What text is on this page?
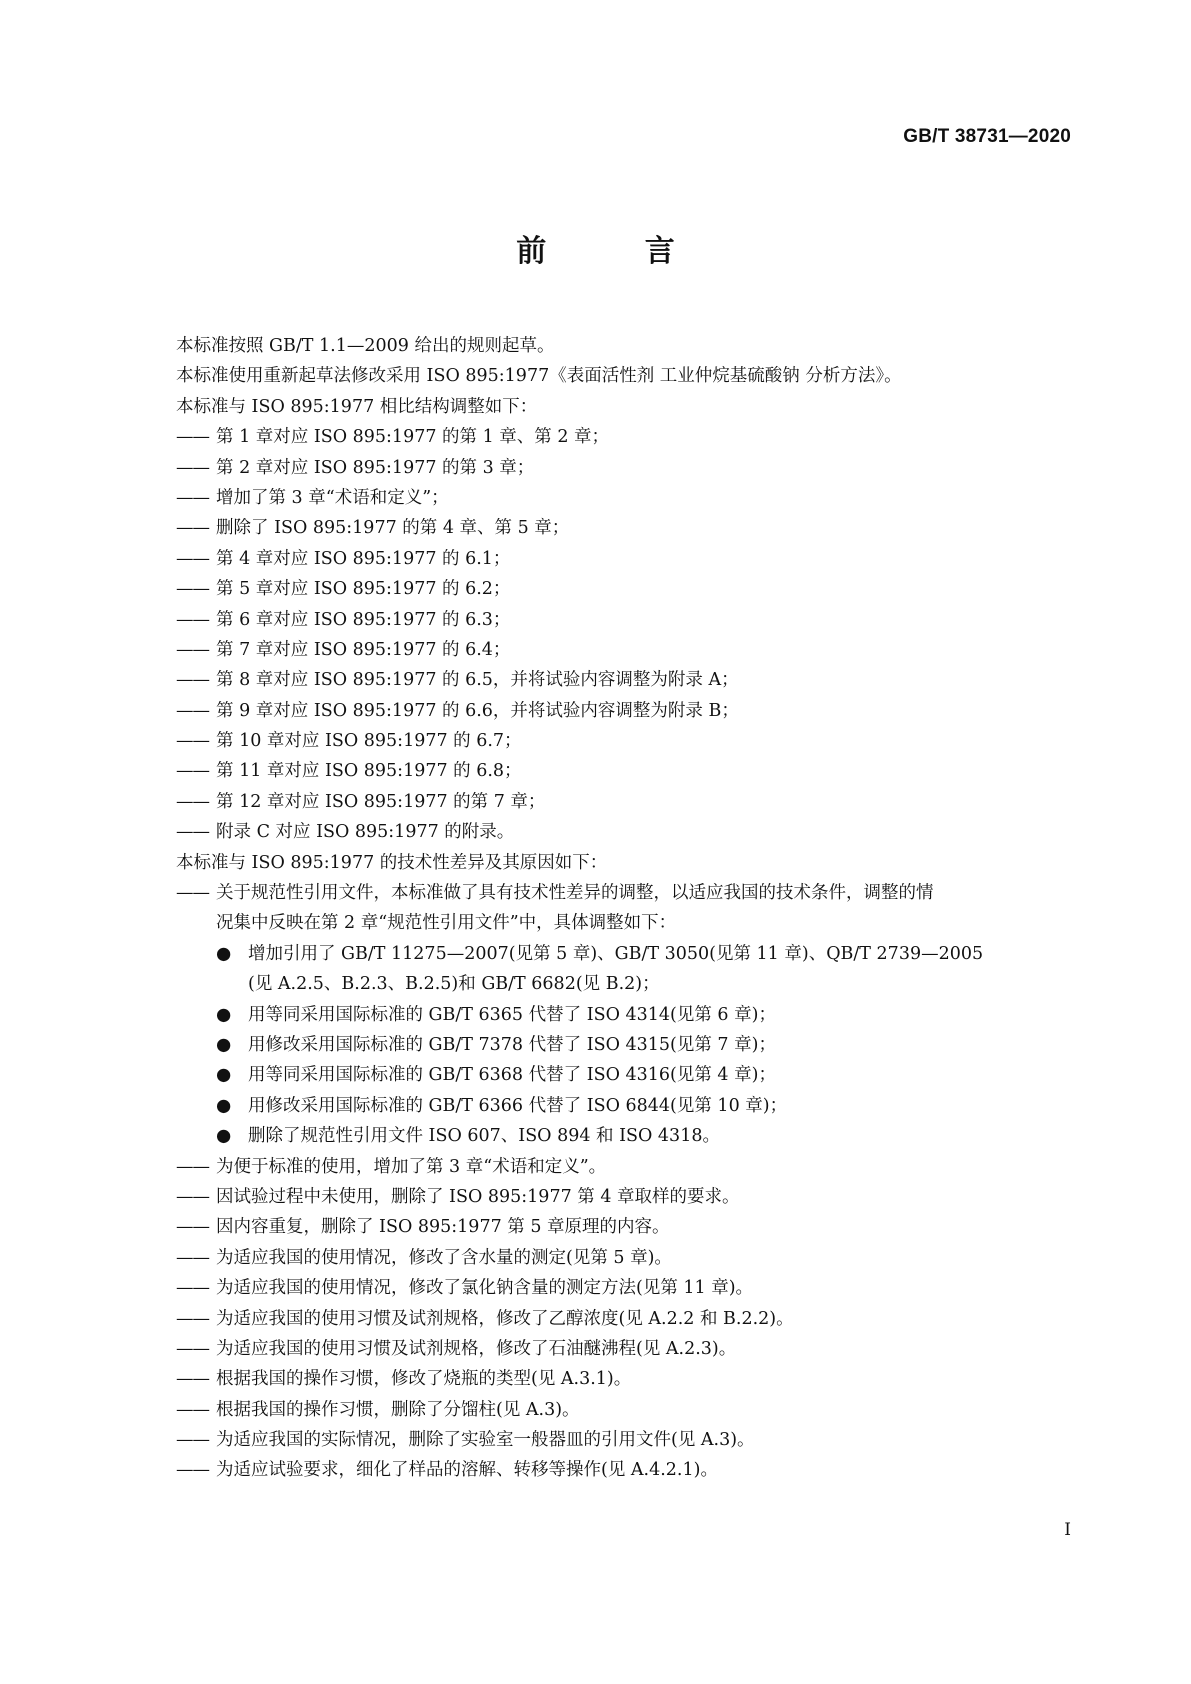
GB/T 38731—2020
前 言
本标准按照 GB/T 1.1—2009 给出的规则起草。
本标准使用重新起草法修改采用 ISO 895:1977《表面活性剂 工业仲烷基硫酸钠 分析方法》。
本标准与 ISO 895:1977 相比结构调整如下：
—— 第 1 章对应 ISO 895:1977 的第 1 章、第 2 章；
—— 第 2 章对应 ISO 895:1977 的第 3 章；
—— 增加了第 3 章“术语和定义”；
—— 删除了 ISO 895:1977 的第 4 章、第 5 章；
—— 第 4 章对应 ISO 895:1977 的 6.1；
—— 第 5 章对应 ISO 895:1977 的 6.2；
—— 第 6 章对应 ISO 895:1977 的 6.3；
—— 第 7 章对应 ISO 895:1977 的 6.4；
—— 第 8 章对应 ISO 895:1977 的 6.5，并将试验内容调整为附录 A；
—— 第 9 章对应 ISO 895:1977 的 6.6，并将试验内容调整为附录 B；
—— 第 10 章对应 ISO 895:1977 的 6.7；
—— 第 11 章对应 ISO 895:1977 的 6.8；
—— 第 12 章对应 ISO 895:1977 的第 7 章；
—— 附录 C 对应 ISO 895:1977 的附录。
本标准与 ISO 895:1977 的技术性差异及其原因如下：
—— 关于规范性引用文件，本标准做了具有技术性差异的调整，以适应我国的技术条件，调整的情
况集中反映在第 2 章“规范性引用文件”中，具体调整如下：
● 增加引用了 GB/T 11275—2007(见第 5 章)、GB/T 3050(见第 11 章)、QB/T 2739—2005
(见 A.2.5、B.2.3、B.2.5)和 GB/T 6682(见 B.2)；
● 用等同采用国际标准的 GB/T 6365 代替了 ISO 4314(见第 6 章)；
● 用修改采用国际标准的 GB/T 7378 代替了 ISO 4315(见第 7 章)；
● 用等同采用国际标准的 GB/T 6368 代替了 ISO 4316(见第 4 章)；
● 用修改采用国际标准的 GB/T 6366 代替了 ISO 6844(见第 10 章)；
● 删除了规范性引用文件 ISO 607、ISO 894 和 ISO 4318。
—— 为便于标准的使用，增加了第 3 章“术语和定义”。
—— 因试验过程中未使用，删除了 ISO 895:1977 第 4 章取样的要求。
—— 因内容重复，删除了 ISO 895:1977 第 5 章原理的内容。
—— 为适应我国的使用情况，修改了含水量的测定(见第 5 章)。
—— 为适应我国的使用情况，修改了氯化钠含量的测定方法(见第 11 章)。
—— 为适应我国的使用习惯及试剂规格，修改了乙醇浓度(见 A.2.2 和 B.2.2)。
—— 为适应我国的使用习惯及试剂规格，修改了石油醚沸程(见 A.2.3)。
—— 根据我国的操作习惯，修改了烧瓶的类型(见 A.3.1)。
—— 根据我国的操作习惯，删除了分馏柱(见 A.3)。
—— 为适应我国的实际情况，删除了实验室一般器皿的引用文件(见 A.3)。
—— 为适应试验要求，细化了样品的溶解、转移等操作(见 A.4.2.1)。
I
